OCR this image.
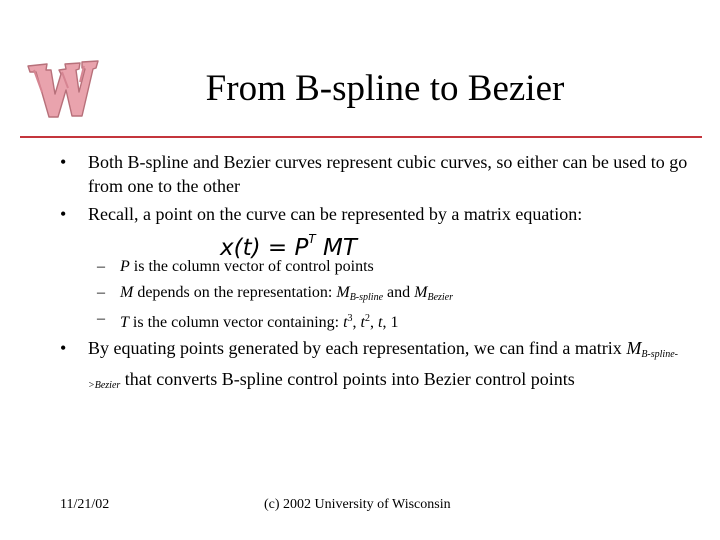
From B-spline to Bezier
• Both B-spline and Bezier curves represent cubic curves, so either can be used to go from one to the other
• Recall, a point on the curve can be represented by a matrix equation:
$x(t) = P^T$ MT
– P is the column vector of control points
– M depends on the representation: $M_{B-spline}$ and $M_{Bezier}$
– T is the column vector containing: $t^3$, $t^2$, t, 1
• By equating points generated by each representation, we can find a matrix $M_{B-spline->Bezier}$ that converts B-spline control points into Bezier control points
11/21/02	(c) 2002 University of Wisconsin
